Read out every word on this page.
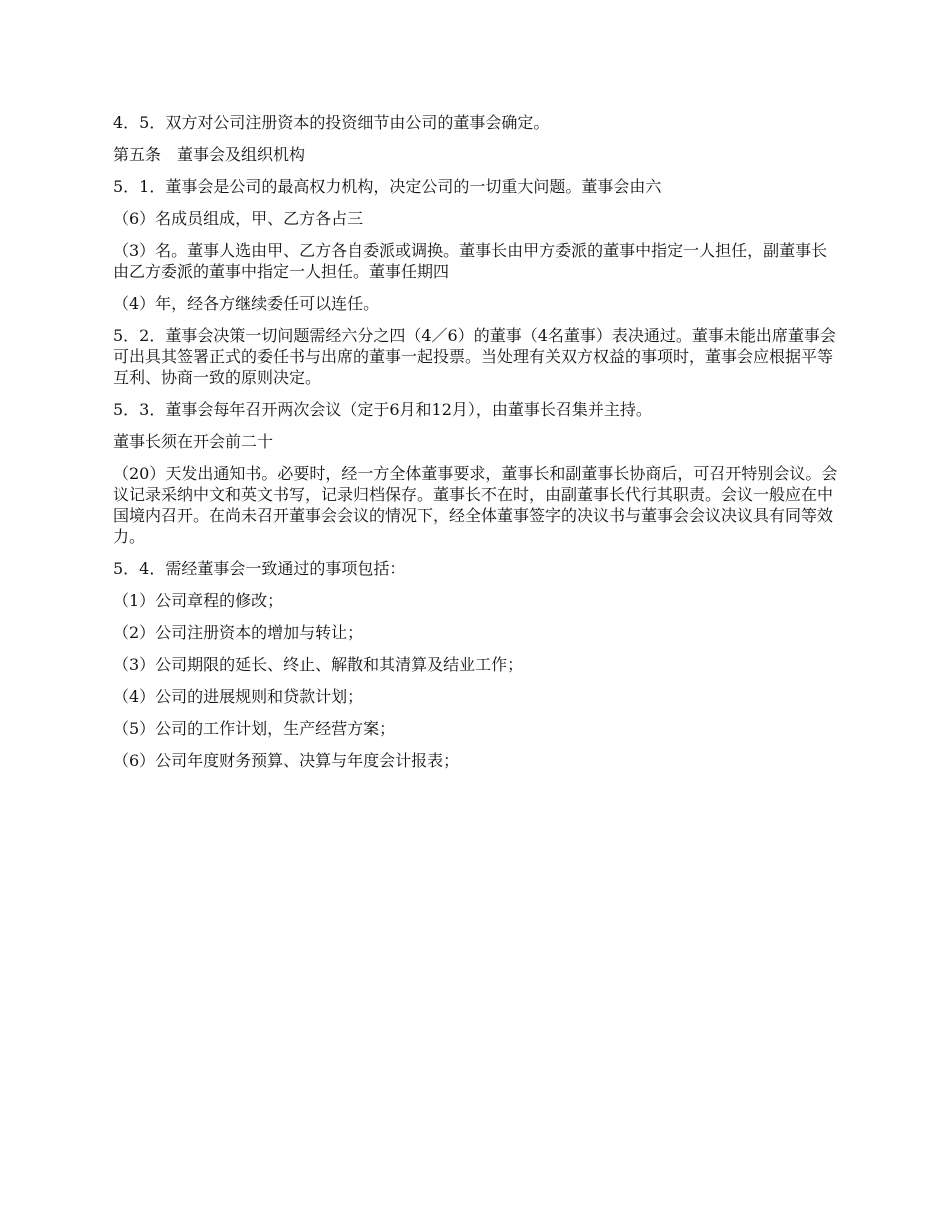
4．5．双方对公司注册资本的投资细节由公司的董事会确定。

第五条　董事会及组织机构

5．1．董事会是公司的最高权力机构，决定公司的一切重大问题。董事会由六

（6）名成员组成，甲、乙方各占三

（3）名。董事人选由甲、乙方各自委派或调换。董事长由甲方委派的董事中指定一人担任，副董事长由乙方委派的董事中指定一人担任。董事任期四

（4）年，经各方继续委任可以连任。

5．2．董事会决策一切问题需经六分之四（4／6）的董事（4名董事）表决通过。董事未能出席董事会可出具其签署正式的委任书与出席的董事一起投票。当处理有关双方权益的事项时，董事会应根据平等互利、协商一致的原则决定。

5．3．董事会每年召开两次会议（定于6月和12月），由董事长召集并主持。

董事长须在开会前二十

（20）天发出通知书。必要时，经一方全体董事要求，董事长和副董事长协商后，可召开特别会议。会议记录采纳中文和英文书写，记录归档保存。董事长不在时，由副董事长代行其职责。会议一般应在中国境内召开。在尚未召开董事会会议的情况下，经全体董事签字的决议书与董事会会议决议具有同等效力。

5．4．需经董事会一致通过的事项包括：

（1）公司章程的修改；

（2）公司注册资本的增加与转让；

（3）公司期限的延长、终止、解散和其清算及结业工作；

（4）公司的进展规则和贷款计划；

（5）公司的工作计划，生产经营方案；

（6）公司年度财务预算、决算与年度会计报表；
